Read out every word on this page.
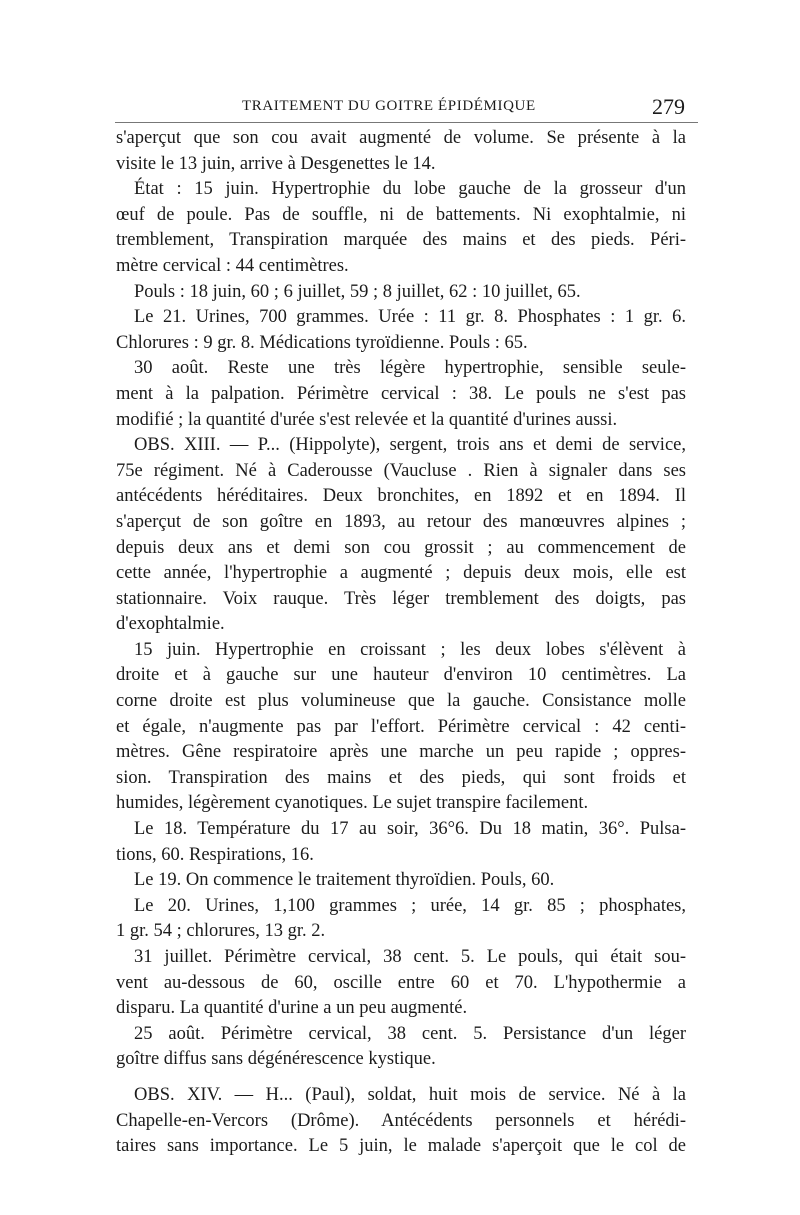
TRAITEMENT DU GOITRE ÉPIDÉMIQUE	279
s'aperçut que son cou avait augmenté de volume. Se présente à la
visite le 13 juin, arrive à Desgenettes le 14.
État : 15 juin. Hypertrophie du lobe gauche de la grosseur d'un
œuf de poule. Pas de souffle, ni de battements. Ni exophtalmie, ni
tremblement, Transpiration marquée des mains et des pieds. Péri-
mètre cervical : 44 centimètres.
Pouls : 18 juin, 60 ; 6 juillet, 59 ; 8 juillet, 62 : 10 juillet, 65.
Le 21. Urines, 700 grammes. Urée : 11 gr. 8. Phosphates : 1 gr. 6.
Chlorures : 9 gr. 8. Médications tyroïdienne. Pouls : 65.
30 août. Reste une très légère hypertrophie, sensible seule-
ment à la palpation. Périmètre cervical : 38. Le pouls ne s'est pas
modifié ; la quantité d'urée s'est relevée et la quantité d'urines aussi.
OBS. XIII. — P... (Hippolyte), sergent, trois ans et demi de service,
75e régiment. Né à Caderousse (Vaucluse . Rien à signaler dans ses
antécédents héréditaires. Deux bronchites, en 1892 et en 1894. Il
s'aperçut de son goître en 1893, au retour des manœuvres alpines ;
depuis deux ans et demi son cou grossit ; au commencement de
cette année, l'hypertrophie a augmenté ; depuis deux mois, elle est
stationnaire. Voix rauque. Très léger tremblement des doigts, pas
d'exophtalmie.
15 juin. Hypertrophie en croissant ; les deux lobes s'élèvent à
droite et à gauche sur une hauteur d'environ 10 centimètres. La
corne droite est plus volumineuse que la gauche. Consistance molle
et égale, n'augmente pas par l'effort. Périmètre cervical : 42 centi-
mètres. Gêne respiratoire après une marche un peu rapide ; oppres-
sion. Transpiration des mains et des pieds, qui sont froids et
humides, légèrement cyanotiques. Le sujet transpire facilement.
Le 18. Température du 17 au soir, 36°6. Du 18 matin, 36°. Pulsa-
tions, 60. Respirations, 16.
Le 19. On commence le traitement thyroïdien. Pouls, 60.
Le 20. Urines, 1,100 grammes ; urée, 14 gr. 85 ; phosphates,
1 gr. 54 ; chlorures, 13 gr. 2.
31 juillet. Périmètre cervical, 38 cent. 5. Le pouls, qui était sou-
vent au-dessous de 60, oscille entre 60 et 70. L'hypothermie a
disparu. La quantité d'urine a un peu augmenté.
25 août. Périmètre cervical, 38 cent. 5. Persistance d'un léger
goître diffus sans dégénérescence kystique.
OBS. XIV. — H... (Paul), soldat, huit mois de service. Né à la
Chapelle-en-Vercors (Drôme). Antécédents personnels et hérédi-
taires sans importance. Le 5 juin, le malade s'aperçoit que le col de
